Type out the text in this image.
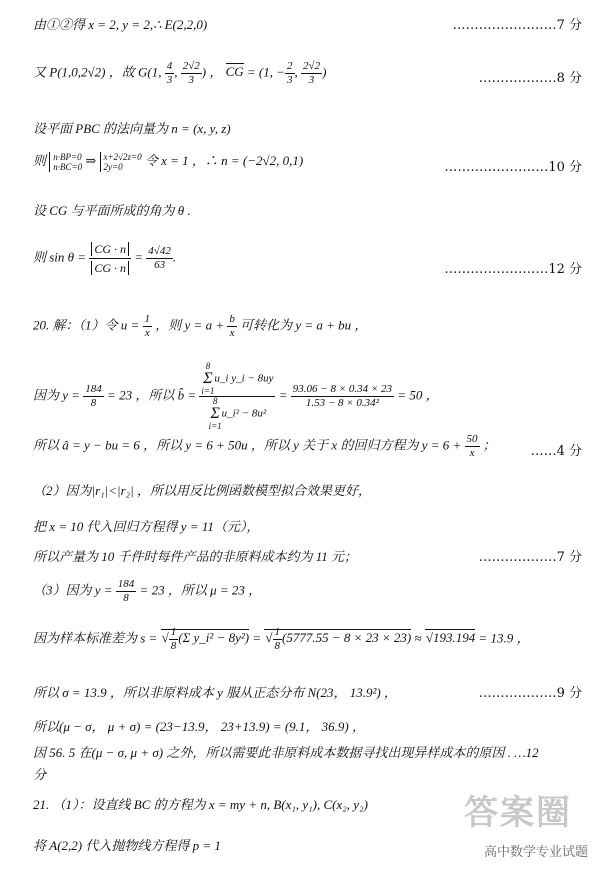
由①②得 x = 2, y = 2,∴ E(2,2,0)	……………………7 分
又 P(1,0,2√2) ，故 G(1, $\frac{4}{3}$ , $\frac{2√2}{3}$ ) ， CG = (1, − $\frac{2}{3}$ , $\frac{2√2}{3}$ )	………………8 分
设平面 PBC 的法向量为 n = (x, y, z)
则 n·BP=0
n·BC=0 ⇒ x+2√2z=0
2y=0 令 x = 1 ，∴ n = (−2√2, 0,1)	……………………10 分
设 CG 与平面所成的角为 θ .
则 $\sin \theta = \frac{CG \cdot n}{CG \cdot n} = \frac{4√42}{63}$ .
……………………12 分
20. 解：（1）令 $u = \frac{1}{x}$ ，则 $y = a + \frac{b}{x}$ 可转化为 y = a + bu ，
因为 $y = \frac{184}{8} = 23$ ，所以 b̂ = 8
Σ
i=1u_i y_i − 8uy
8
Σ
i=1u_i² − $8u^2 = \frac{93.06 - 8 \times 0.34 \times 23}{\text{1.53 − 8 × 0.34²}} = 50$ ，
所以 â = y − bu = 6 ，所以 y = 6 + 50u ，所以 y 关于 x 的回归方程为 $y = 6 + \frac{50}{x}$ ；	……4 分
（2）因为|r₁|<|r₂| ，所以用反比例函数模型拟合效果更好，
把 x = 10 代入回归方程得 y = 11（元），
所以产量为 10 千件时每件产品的非原料成本约为 11 元；	………………7 分
（3）因为 $y = \frac{184}{8} = 23$ ，所以 μ = 23 ，
因为样本标准差为 s = √ $\frac{1}{8} (\Sigma$ y_i² − 8y²) = √ $\frac{1}{8} (5777.55 - 8 \times 23 \times 23) \approx √193.194 = 13.9$ ，
所以 σ = 13.9 ，所以非原料成本 y 服从正态分布 N(23， 13.9²) ，	………………9 分
所以(μ − σ， μ + σ) = (23−13.9， 23+13.9) = (9.1， 36.9) ，
因 56. 5 在(μ − σ, μ + σ) 之外，所以需要此非原料成本数据寻找出现异样成本的原因 . …12
分
21. （1）：设直线 BC 的方程为 x = my + n, B(x₁, y₁), C(x₂, y₂)
将 A(2,2) 代入抛物线方程得 p = 1
答案圈
高中数学专业试题
